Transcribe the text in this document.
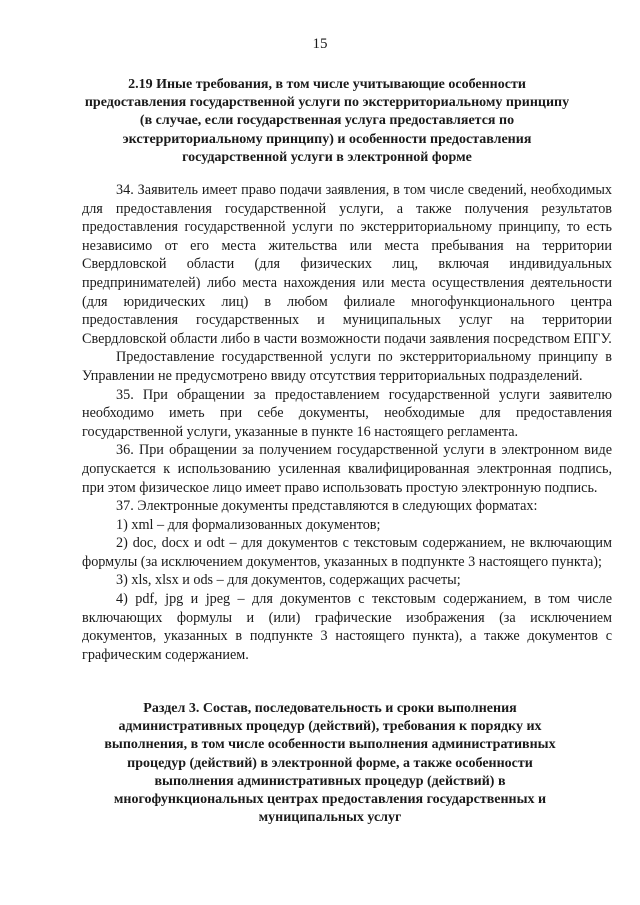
15
2.19 Иные требования, в том числе учитывающие особенности предоставления государственной услуги по экстерриториальному принципу (в случае, если государственная услуга предоставляется по экстерриториальному принципу) и особенности предоставления государственной услуги в электронной форме

34. Заявитель имеет право подачи заявления, в том числе сведений, необходимых для предоставления государственной услуги, а также получения результатов предоставления государственной услуги по экстерриториальному принципу, то есть независимо от его места жительства или места пребывания на территории Свердловской области (для физических лиц, включая индивидуальных предпринимателей) либо места нахождения или места осуществления деятельности (для юридических лиц) в любом филиале многофункционального центра предоставления государственных и муниципальных услуг на территории Свердловской области либо в части возможности подачи заявления посредством ЕПГУ.

Предоставление государственной услуги по экстерриториальному принципу в Управлении не предусмотрено ввиду отсутствия территориальных подразделений.

35. При обращении за предоставлением государственной услуги заявителю необходимо иметь при себе документы, необходимые для предоставления государственной услуги, указанные в пункте 16 настоящего регламента.

36. При обращении за получением государственной услуги в электронном виде допускается к использованию усиленная квалифицированная электронная подпись, при этом физическое лицо имеет право использовать простую электронную подпись.

37. Электронные документы представляются в следующих форматах:

1) xml – для формализованных документов;

2) doc, docx и odt – для документов с текстовым содержанием, не включающим формулы (за исключением документов, указанных в подпункте 3 настоящего пункта);

3) xls, xlsx и ods – для документов, содержащих расчеты;

4) pdf, jpg и jpeg – для документов с текстовым содержанием, в том числе включающих формулы и (или) графические изображения (за исключением документов, указанных в подпункте 3 настоящего пункта), а также документов с графическим содержанием.

Раздел 3. Состав, последовательность и сроки выполнения административных процедур (действий), требования к порядку их выполнения, в том числе особенности выполнения административных процедур (действий) в электронной форме, а также особенности выполнения административных процедур (действий) в многофункциональных центрах предоставления государственных и муниципальных услуг
